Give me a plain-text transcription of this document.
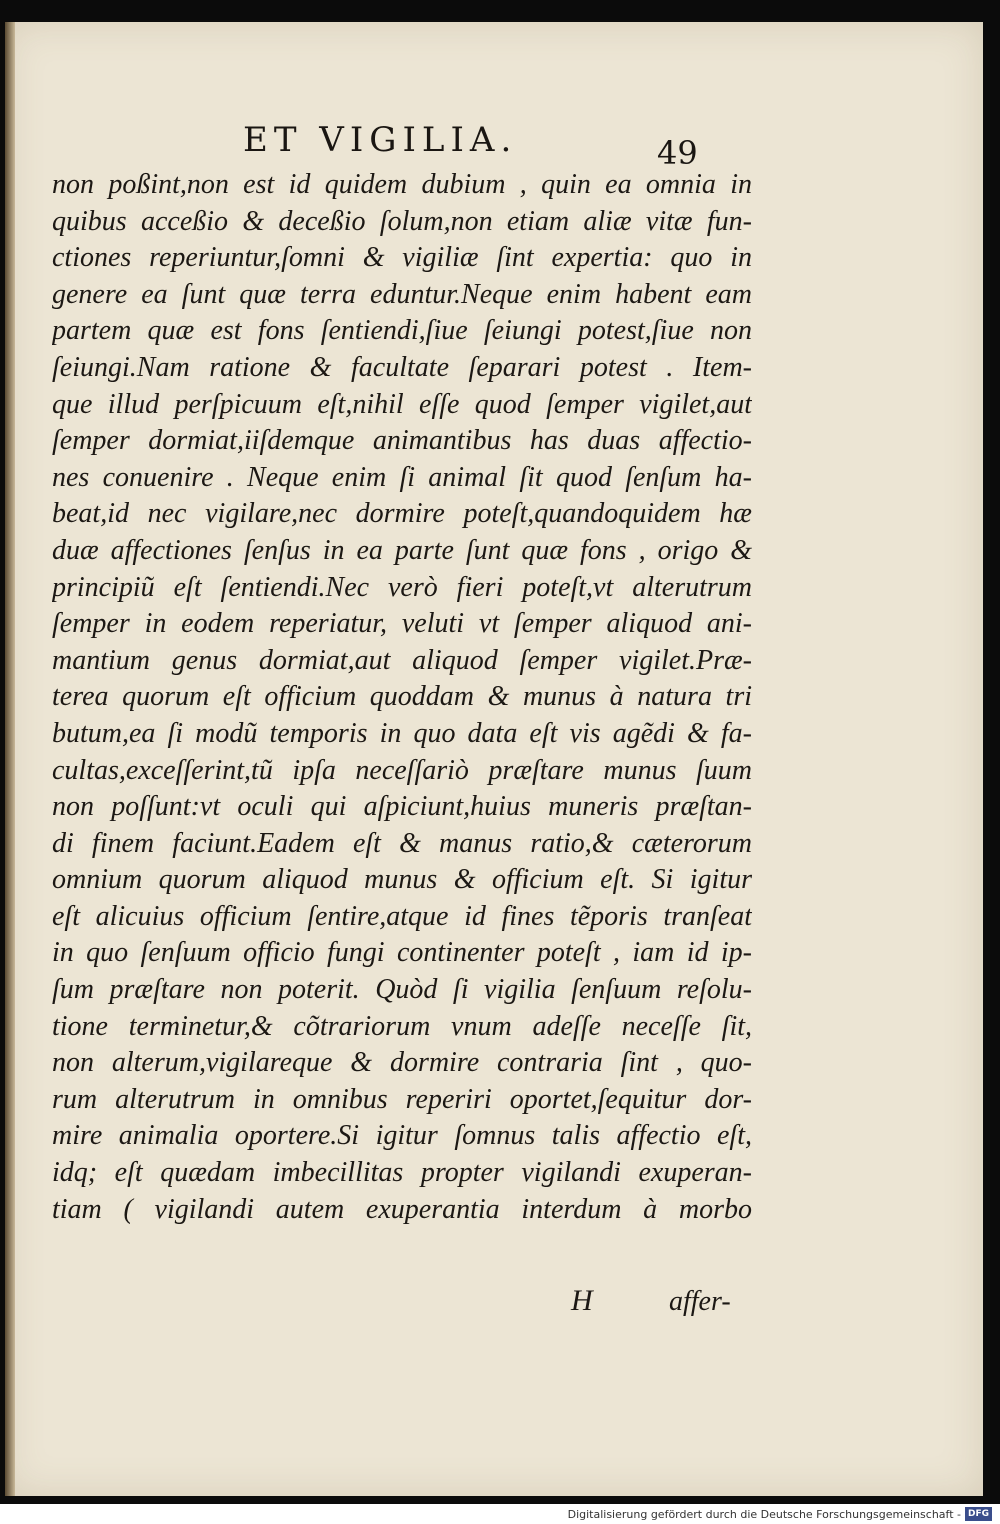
ET VIGILIA.	49
non poßint,non est id quidem dubium , quin ea omnia in
quibus acceßio & deceßio ſolum,non etiam aliæ vitæ fun-
ctiones reperiuntur,ſomni & vigiliæ ſint expertia: quo in
genere ea ſunt quæ terra eduntur.Neque enim habent eam
partem quæ est fons ſentiendi,ſiue ſeiungi potest,ſiue non
ſeiungi.Nam ratione & facultate ſeparari potest . Item-
que illud perſpicuum eſt,nihil eſſe quod ſemper vigilet,aut
ſemper dormiat,iiſdemque animantibus has duas affectio-
nes conuenire . Neque enim ſi animal ſit quod ſenſum ha-
beat,id nec vigilare,nec dormire poteſt,quandoquidem hæ
duæ affectiones ſenſus in ea parte ſunt quæ fons , origo &
principiũ eſt ſentiendi.Nec verò fieri poteſt,vt alterutrum
ſemper in eodem reperiatur, veluti vt ſemper aliquod ani-
mantium genus dormiat,aut aliquod ſemper vigilet.Præ-
terea quorum eſt officium quoddam & munus à natura tri
butum,ea ſi modũ temporis in quo data eſt vis agẽdi & fa-
cultas,exceſſerint,tũ ipſa neceſſariò præſtare munus ſuum
non poſſunt:vt oculi qui aſpiciunt,huius muneris præſtan-
di finem faciunt.Eadem eſt & manus ratio,& cæterorum
omnium quorum aliquod munus & officium eſt. Si igitur
eſt alicuius officium ſentire,atque id fines tẽporis tranſeat
in quo ſenſuum officio fungi continenter poteſt , iam id ip-
ſum præſtare non poterit. Quòd ſi vigilia ſenſuum reſolu-
tione terminetur,& cõtrariorum vnum adeſſe neceſſe ſit,
non alterum,vigilareque & dormire contraria ſint , quo-
rum alterutrum in omnibus reperiri oportet,ſequitur dor-
mire animalia oportere.Si igitur ſomnus talis affectio eſt,
idq; eſt quædam imbecillitas propter vigilandi exuperan-
tiam ( vigilandi autem exuperantia interdum à morbo
H	affer-
Digitalisierung gefördert durch die Deutsche Forschungsgemeinschaft - DFG
